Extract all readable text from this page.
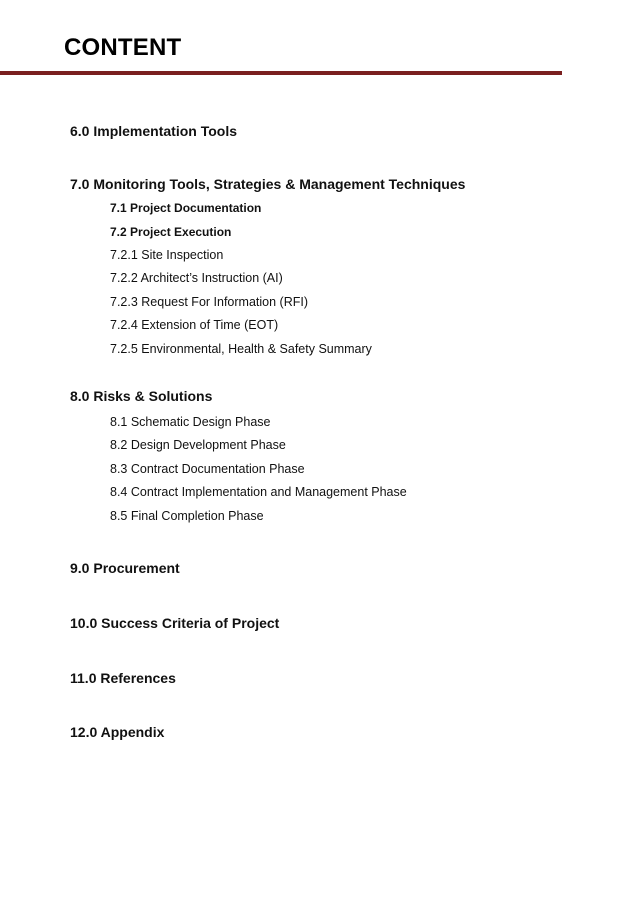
CONTENT
6.0 Implementation Tools
7.0 Monitoring Tools, Strategies & Management Techniques
7.1 Project Documentation
7.2 Project Execution
7.2.1 Site Inspection
7.2.2 Architect’s Instruction (AI)
7.2.3 Request For Information (RFI)
7.2.4 Extension of Time (EOT)
7.2.5 Environmental, Health & Safety Summary
8.0 Risks & Solutions
8.1 Schematic Design Phase
8.2 Design Development Phase
8.3 Contract Documentation Phase
8.4 Contract Implementation and Management Phase
8.5 Final Completion Phase
9.0 Procurement
10.0 Success Criteria of Project
11.0 References
12.0 Appendix
